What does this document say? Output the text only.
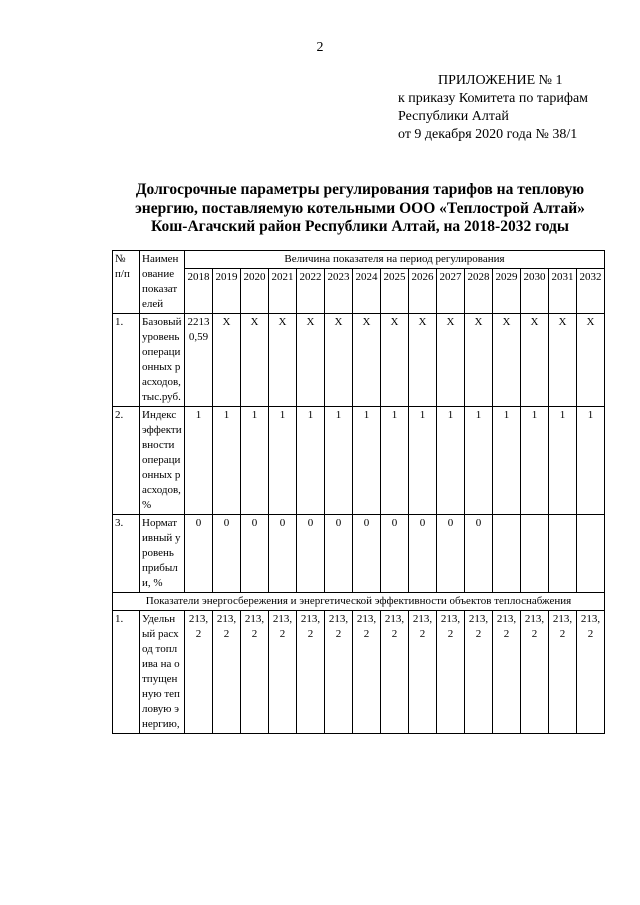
2
ПРИЛОЖЕНИЕ № 1
к приказу Комитета по тарифам
Республики Алтай
от 9 декабря 2020 года № 38/1
Долгосрочные параметры регулирования тарифов на тепловую
энергию, поставляемую котельными ООО «Теплострой Алтай»
Кош-Агачский район Республики Алтай, на 2018-2032 годы
№ п/п	Наименование показателей	Величина показателя на период регулирования														
		2018	2019	2020	2021	2022	2023	2024	2025	2026	2027	2028	2029	2030	2031	2032
1.	Базовый уровень операционных расходов, тыс.руб.	22130,59	X	X	X	X	X	X	X	X	X	X	X	X	X	X
2.	Индекс эффективности операционных расходов, %	1	1	1	1	1	1	1	1	1	1	1	1	1	1	1
3.	Нормативный уровень прибыли, %	0	0	0	0	0	0	0	0	0	0	0				
Показатели энергосбережения и энергетической эффективности объектов теплоснабжения																
1.	Удельный расход топлива на отпущенную тепловую энергию,	213,2	213,2	213,2	213,2	213,2	213,2	213,2	213,2	213,2	213,2	213,2	213,2	213,2	213,2	213,2
